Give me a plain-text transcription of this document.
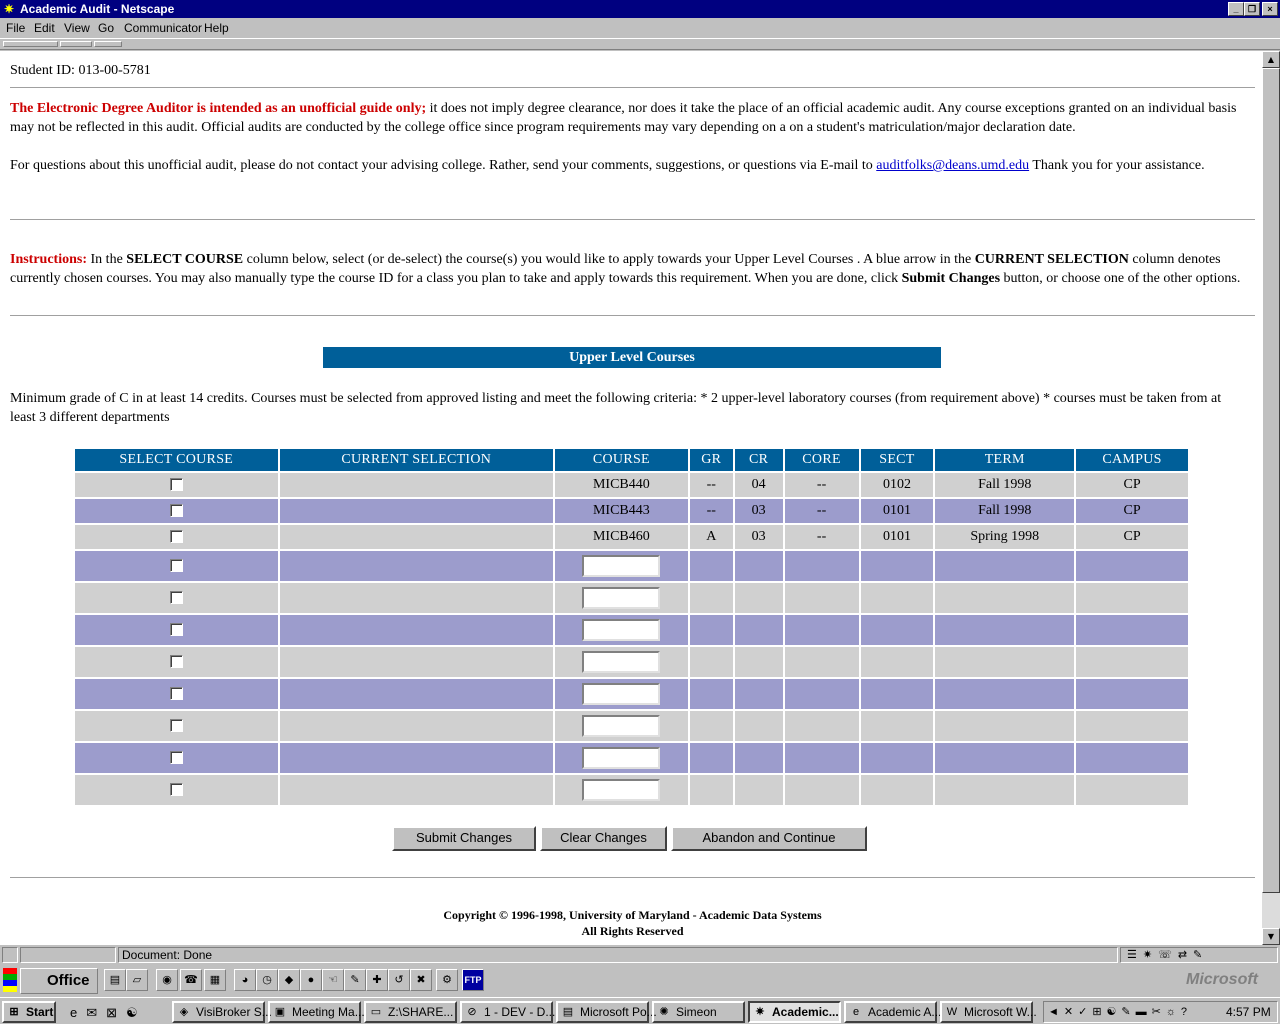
✷ Academic Audit - Netscape	_	❐	×
File Edit View Go Communicator Help
Student ID: 013-00-5781
The Electronic Degree Auditor is intended as an unofficial guide only; it does not imply degree clearance, nor does it take the place of an official academic audit. Any course exceptions granted on an individual basis may not be reflected in this audit. Official audits are conducted by the college office since program requirements may vary depending on a on a student's matriculation/major declaration date.
For questions about this unofficial audit, please do not contact your advising college. Rather, send your comments, suggestions, or questions via E-mail to auditfolks@deans.umd.edu Thank you for your assistance.
Instructions: In the SELECT COURSE column below, select (or de-select) the course(s) you would like to apply towards your Upper Level Courses . A blue arrow in the CURRENT SELECTION column denotes currently chosen courses. You may also manually type the course ID for a class you plan to take and apply towards this requirement. When you are done, click Submit Changes button, or choose one of the other options.
Upper Level Courses
Minimum grade of C in at least 14 credits. Courses must be selected from approved listing and meet the following criteria: * 2 upper-level laboratory courses (from requirement above) * courses must be taken from at least 3 different departments
SELECT COURSE	CURRENT SELECTION	COURSE	GR	CR	CORE	SECT	TERM	CAMPUS
		MICB440	--	04	--	0102	Fall 1998	CP
		MICB443	--	03	--	0101	Fall 1998	CP
		MICB460	A	03	--	0101	Spring 1998	CP

Submit Changes	Clear Changes	Abandon and Continue
Copyright © 1996-1998, University of Maryland - Academic Data Systems
All Rights Reserved
▲
▼
Document: Done	☰✷☏⇄✎
Office	▤	▱	◉	☎	▦	◕	◷	◆	●	☜	✎	✚	↺	✖	⚙	FTP	Microsoft
⊞ Start e✉⊠☯	◈ VisiBroker S... ▣ Meeting Ma... ▭ Z:\SHARE...	⊘ 1 - DEV - D... ▤ Microsoft Po... ✺ Simeon	✷ Academic...	e Academic A... W Microsoft W... ◄✕✓⊞☯✎▬✂☼?	4:57 PM
